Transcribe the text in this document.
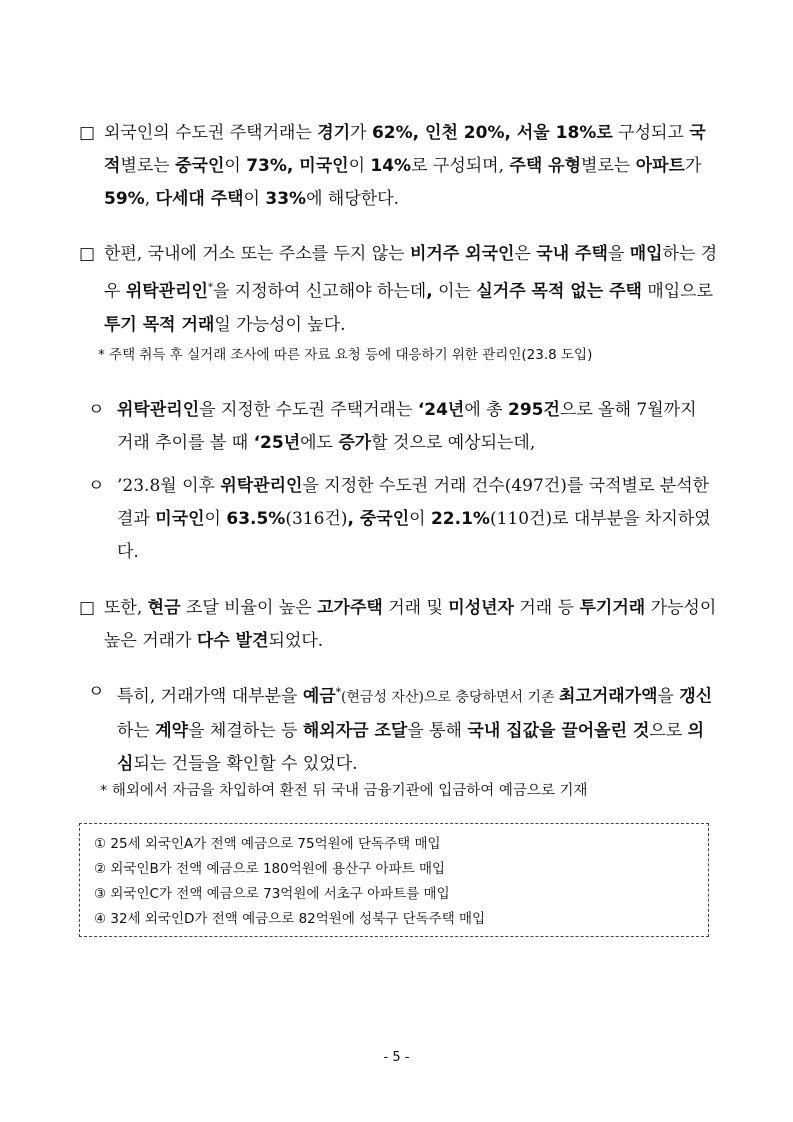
□ 외국인의 수도권 주택거래는 경기가 62%, 인천 20%, 서울 18%로 구성되고 국적별로는 중국인이 73%, 미국인이 14%로 구성되며, 주택 유형별로는 아파트가 59%, 다세대 주택이 33%에 해당한다.
□ 한편, 국내에 거소 또는 주소를 두지 않는 비거주 외국인은 국내 주택을 매입하는 경우 위탁관리인*을 지정하여 신고해야 하는데, 이는 실거주 목적 없는 주택 매입으로 투기 목적 거래일 가능성이 높다.
* 주택 취득 후 실거래 조사에 따른 자료 요청 등에 대응하기 위한 관리인(23.8 도입)
ㅇ 위탁관리인을 지정한 수도권 주택거래는 ‘24년에 총 295건으로 올해 7월까지 거래 추이를 볼 때 ‘25년에도 증가할 것으로 예상되는데,
ㅇ ’23.8월 이후 위탁관리인을 지정한 수도권 거래 건수(497건)를 국적별로 분석한 결과 미국인이 63.5%(316건), 중국인이 22.1%(110건)로 대부분을 차지하였다.
□ 또한, 현금 조달 비율이 높은 고가주택 거래 및 미성년자 거래 등 투기거래 가능성이 높은 거래가 다수 발견되었다.
ㅇ 특히, 거래가액 대부분을 예금*(현금성 자산)으로 충당하면서 기존 최고거래가액을 갱신하는 계약을 체결하는 등 해외자금 조달을 통해 국내 집값을 끌어올린 것으로 의심되는 건들을 확인할 수 있었다.
* 해외에서 자금을 차입하여 환전 뒤 국내 금융기관에 입금하여 예금으로 기재
① 25세 외국인A가 전액 예금으로 75억원에 단독주택 매입
② 외국인B가 전액 예금으로 180억원에 용산구 아파트 매입
③ 외국인C가 전액 예금으로 73억원에 서초구 아파트를 매입
④ 32세 외국인D가 전액 예금으로 82억원에 성북구 단독주택 매입
- 5 -
